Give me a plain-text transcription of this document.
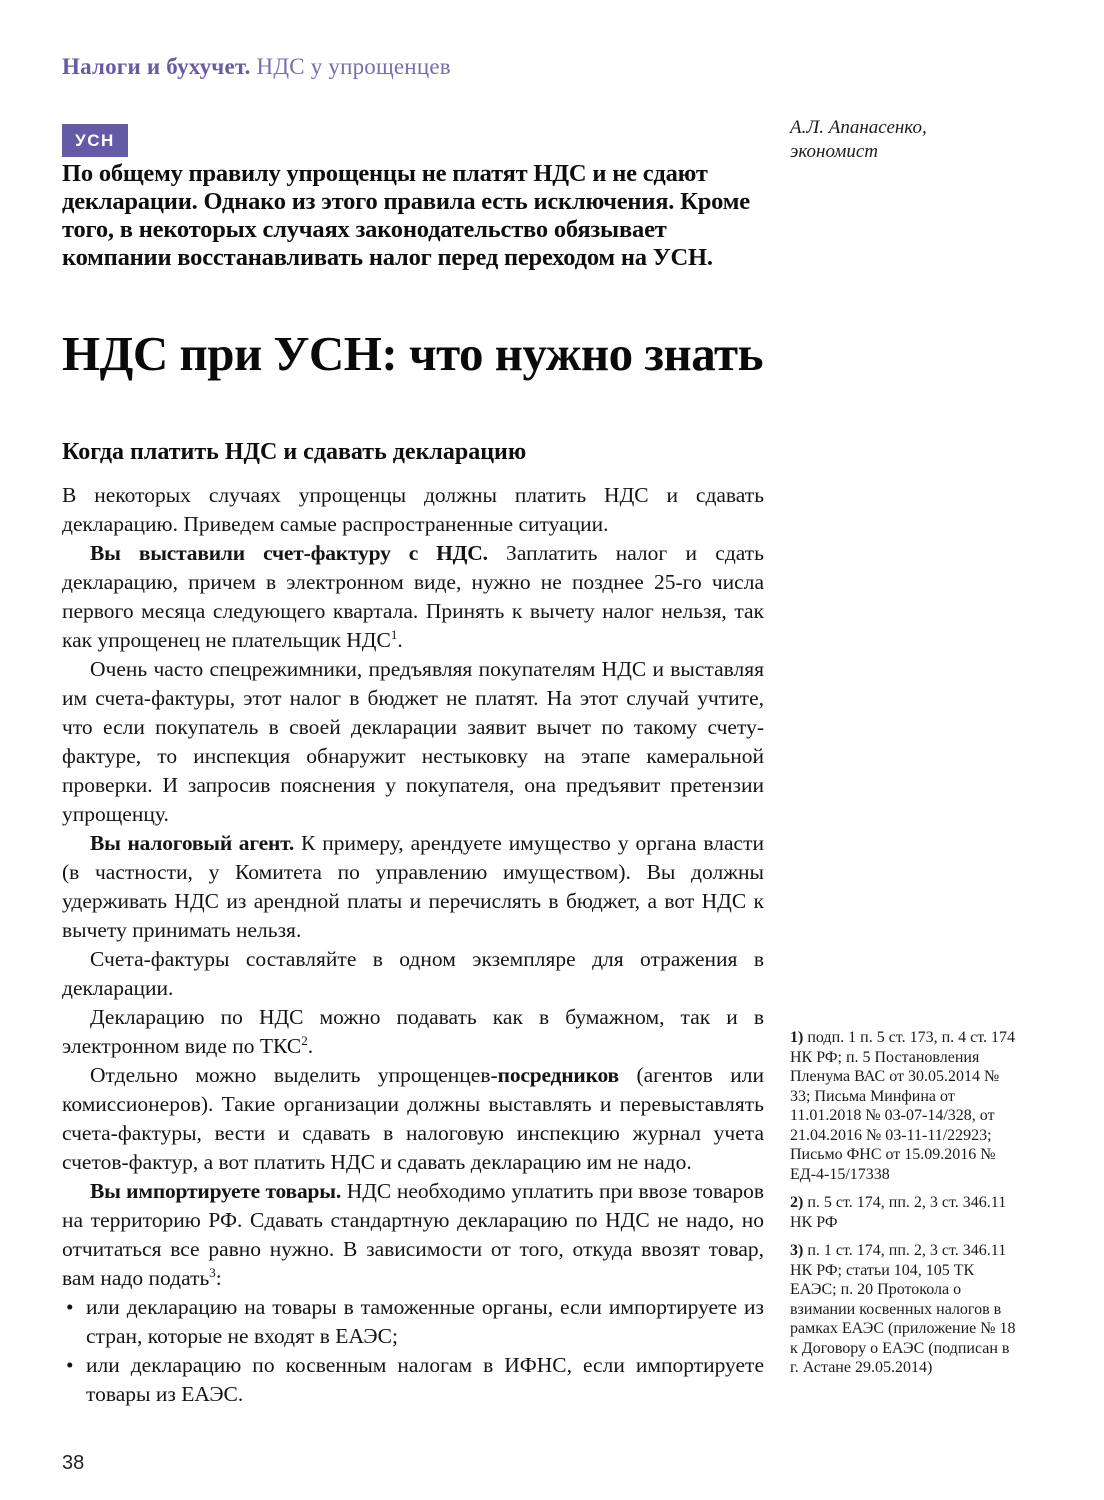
Налоги и бухучет. НДС у упрощенцев
А.Л. Апанасенко,
экономист
УСН
По общему правилу упрощенцы не платят НДС и не сдают декларации. Однако из этого правила есть исключения. Кроме того, в некоторых случаях законодательство обязывает компании восстанавливать налог перед переходом на УСН.
НДС при УСН: что нужно знать
Когда платить НДС и сдавать декларацию

В некоторых случаях упрощенцы должны платить НДС и сдавать декларацию. Приведем самые распространенные ситуации.

Вы выставили счет-фактуру с НДС. Заплатить налог и сдать декларацию, причем в электронном виде, нужно не позднее 25-го числа первого месяца следующего квартала. Принять к вычету налог нельзя, так как упрощенец не плательщик НДС$^1$.

Очень часто спецрежимники, предъявляя покупателям НДС и выставляя им счета-фактуры, этот налог в бюджет не платят. На этот случай учтите, что если покупатель в своей декларации заявит вычет по такому счету-фактуре, то инспекция обнаружит нестыковку на этапе камеральной проверки. И запросив пояснения у покупателя, она предъявит претензии упрощенцу.

Вы налоговый агент. К примеру, арендуете имущество у органа власти (в частности, у Комитета по управлению имуществом). Вы должны удерживать НДС из арендной платы и перечислять в бюджет, а вот НДС к вычету принимать нельзя.

Счета-фактуры составляйте в одном экземпляре для отражения в декларации.

Декларацию по НДС можно подавать как в бумажном, так и в электронном виде по ТКС$^2$.

Отдельно можно выделить упрощенцев-посредников (агентов или комиссионеров). Такие организации должны выставлять и перевыставлять счета-фактуры, вести и сдавать в налоговую инспекцию журнал учета счетов-фактур, а вот платить НДС и сдавать декларацию им не надо.

Вы импортируете товары. НДС необходимо уплатить при ввозе товаров на территорию РФ. Сдавать стандартную декларацию по НДС не надо, но отчитаться все равно нужно. В зависимости от того, откуда ввозят товар, вам надо подать$^3$:

• или декларацию на товары в таможенные органы, если импортируете из стран, которые не входят в ЕАЭС;
• или декларацию по косвенным налогам в ИФНС, если импортируете товары из ЕАЭС.
1) подп. 1 п. 5 ст. 173, п. 4 ст. 174 НК РФ; п. 5 Постановления Пленума ВАС от 30.05.2014 № 33; Письма Минфина от 11.01.2018 № 03-07-14/328, от 21.04.2016 № 03-11-11/22923; Письмо ФНС от 15.09.2016 № ЕД-4-15/17338
2) п. 5 ст. 174, пп. 2, 3 ст. 346.11 НК РФ
3) п. 1 ст. 174, пп. 2, 3 ст. 346.11 НК РФ; статьи 104, 105 ТК ЕАЭС; п. 20 Протокола о взимании косвенных налогов в рамках ЕАЭС (приложение № 18 к Договору о ЕАЭС (подписан в г. Астане 29.05.2014)
38
